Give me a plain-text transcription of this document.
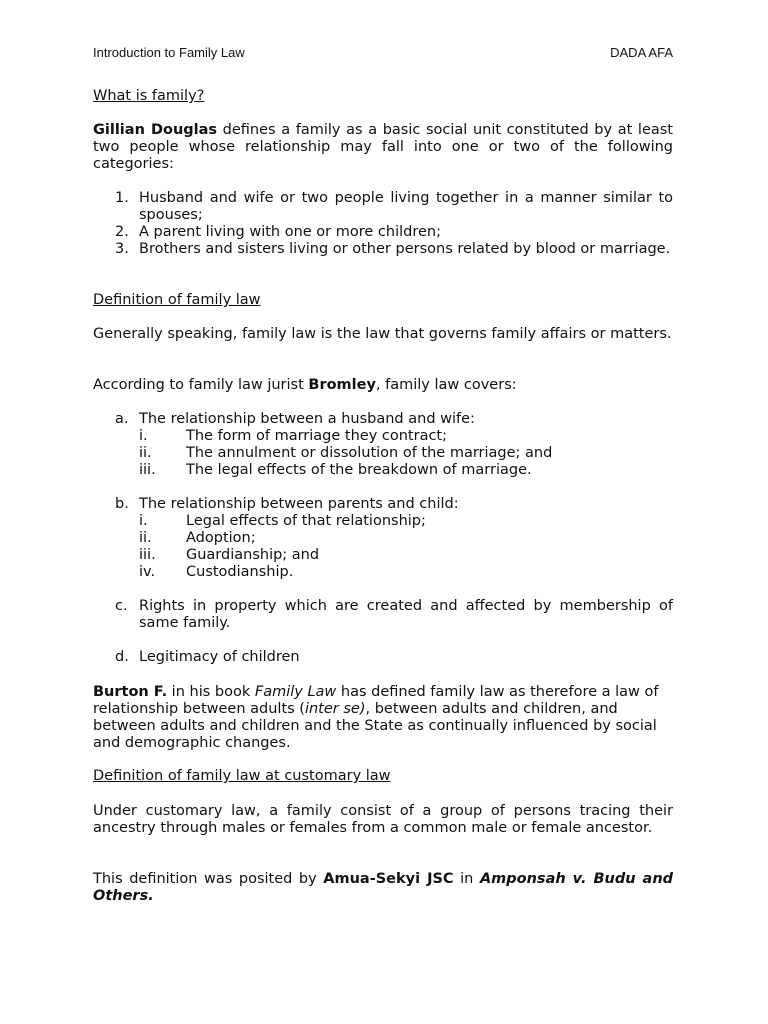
Introduction to Family Law	DADA AFA
What is family?
Gillian Douglas defines a family as a basic social unit constituted by at least two people whose relationship may fall into one or two of the following categories:
1. Husband and wife or two people living together in a manner similar to spouses;
2. A parent living with one or more children;
3. Brothers and sisters living or other persons related by blood or marriage.
Definition of family law
Generally speaking, family law is the law that governs family affairs or matters.
According to family law jurist Bromley, family law covers:
a. The relationship between a husband and wife:
i.	The form of marriage they contract;
ii.	The annulment or dissolution of the marriage; and
iii.	The legal effects of the breakdown of marriage.
b. The relationship between parents and child:
i.	Legal effects of that relationship;
ii.	Adoption;
iii.	Guardianship; and
iv.	Custodianship.
c. Rights in property which are created and affected by membership of same family.
d. Legitimacy of children
Burton F. in his book Family Law has defined family law as therefore a law of relationship between adults (inter se), between adults and children, and between adults and children and the State as continually influenced by social and demographic changes.
Definition of family law at customary law
Under customary law, a family consist of a group of persons tracing their ancestry through males or females from a common male or female ancestor.
This definition was posited by Amua-Sekyi JSC in Amponsah v. Budu and Others.
